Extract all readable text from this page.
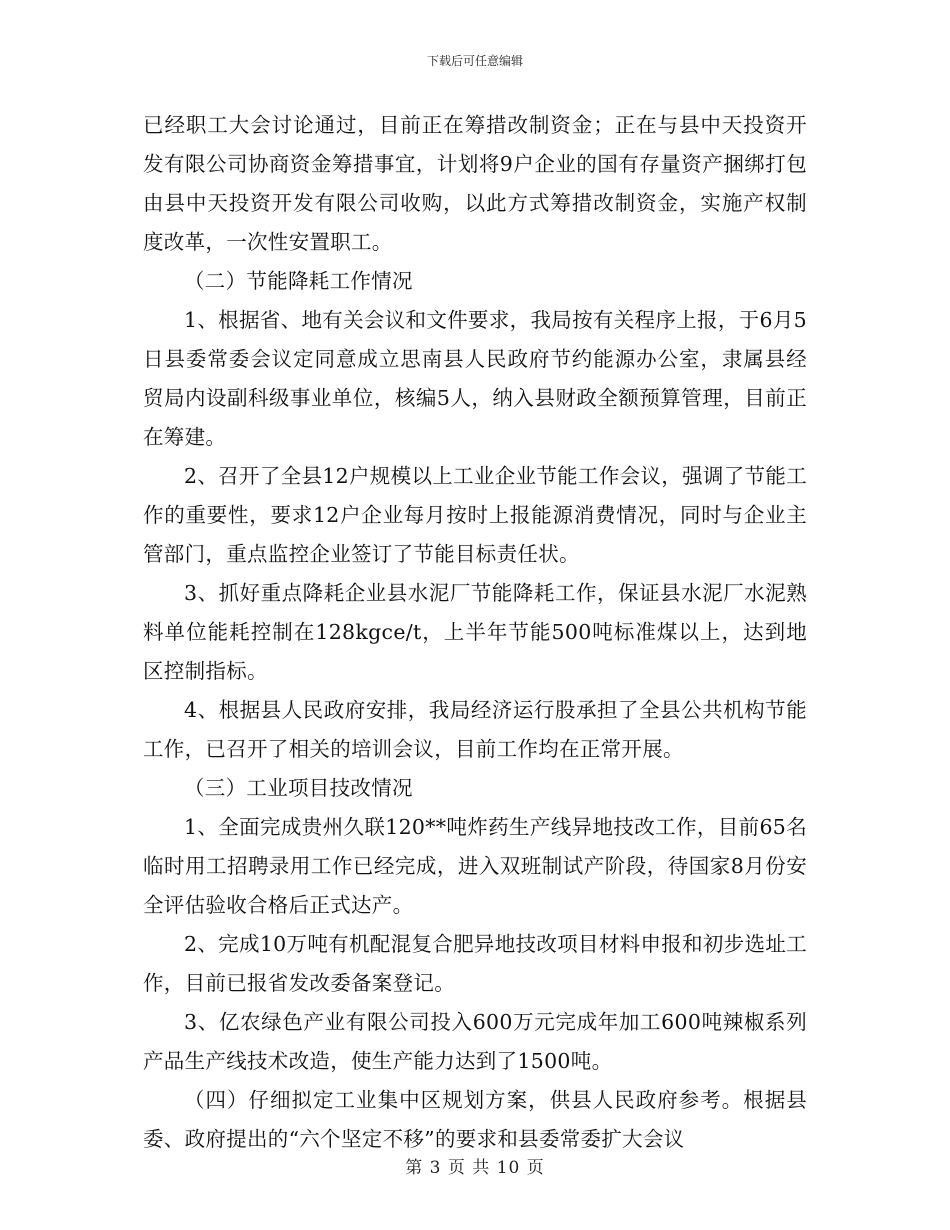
下载后可任意编辑

已经职工大会讨论通过，目前正在筹措改制资金；正在与县中天投资开发有限公司协商资金筹措事宜，计划将9户企业的国有存量资产捆绑打包由县中天投资开发有限公司收购，以此方式筹措改制资金，实施产权制度改革，一次性安置职工。

（二）节能降耗工作情况

1、根据省、地有关会议和文件要求，我局按有关程序上报，于6月5日县委常委会议定同意成立思南县人民政府节约能源办公室，隶属县经贸局内设副科级事业单位，核编5人，纳入县财政全额预算管理，目前正在筹建。

2、召开了全县12户规模以上工业企业节能工作会议，强调了节能工作的重要性，要求12户企业每月按时上报能源消费情况，同时与企业主管部门，重点监控企业签订了节能目标责任状。

3、抓好重点降耗企业县水泥厂节能降耗工作，保证县水泥厂水泥熟料单位能耗控制在128kgce/t，上半年节能500吨标准煤以上，达到地区控制指标。

4、根据县人民政府安排，我局经济运行股承担了全县公共机构节能工作，已召开了相关的培训会议，目前工作均在正常开展。

（三）工业项目技改情况

1、全面完成贵州久联120**吨炸药生产线异地技改工作，目前65名临时用工招聘录用工作已经完成，进入双班制试产阶段，待国家8月份安全评估验收合格后正式达产。

2、完成10万吨有机配混复合肥异地技改项目材料申报和初步选址工作，目前已报省发改委备案登记。

3、亿农绿色产业有限公司投入600万元完成年加工600吨辣椒系列产品生产线技术改造，使生产能力达到了1500吨。

（四）仔细拟定工业集中区规划方案，供县人民政府参考。根据县委、政府提出的“六个坚定不移”的要求和县委常委扩大会议

第 3 页 共 10 页
